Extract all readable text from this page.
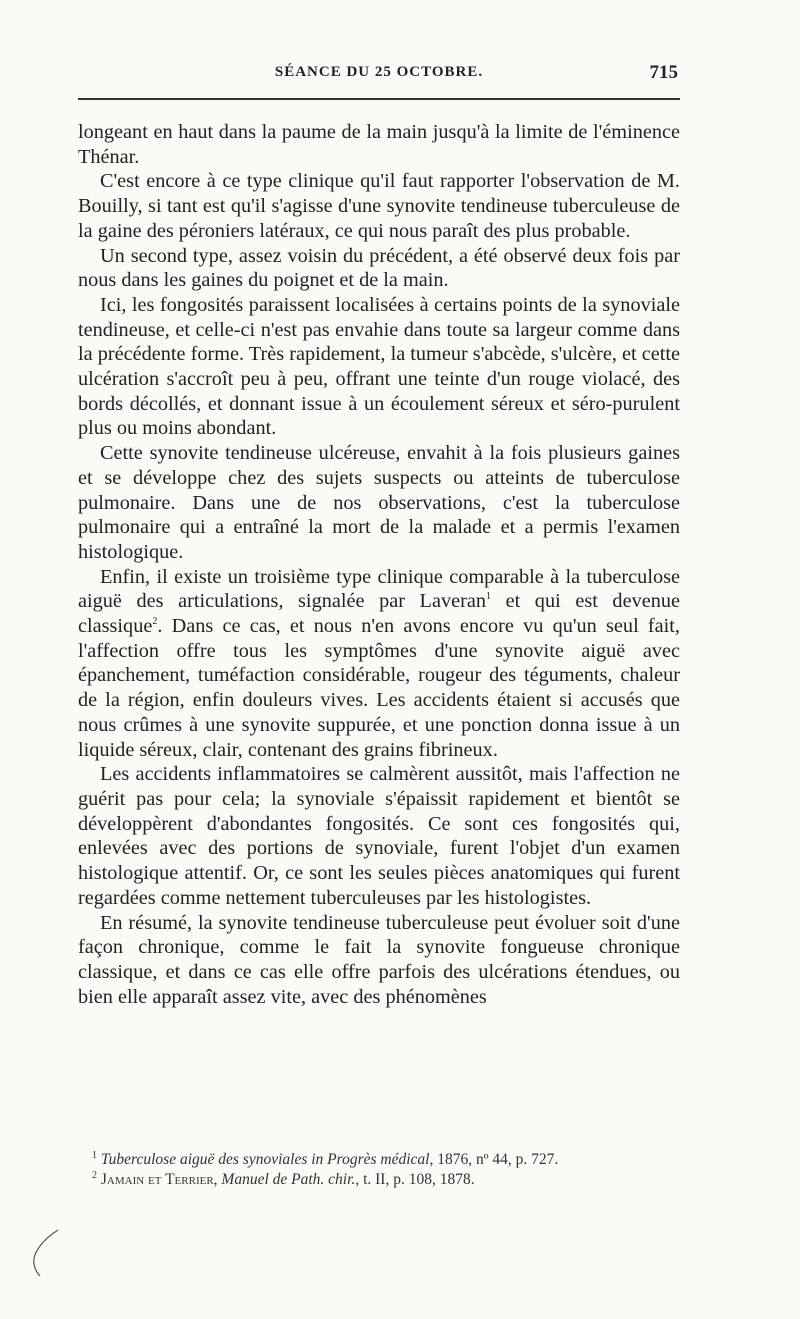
SÉANCE DU 25 OCTOBRE.	715

longeant en haut dans la paume de la main jusqu'à la limite de l'éminence Thénar.

C'est encore à ce type clinique qu'il faut rapporter l'observation de M. Bouilly, si tant est qu'il s'agisse d'une synovite tendineuse tuberculeuse de la gaine des péroniers latéraux, ce qui nous paraît des plus probable.

Un second type, assez voisin du précédent, a été observé deux fois par nous dans les gaines du poignet et de la main.

Ici, les fongosités paraissent localisées à certains points de la synoviale tendineuse, et celle-ci n'est pas envahie dans toute sa largeur comme dans la précédente forme. Très rapidement, la tumeur s'abcède, s'ulcère, et cette ulcération s'accroît peu à peu, offrant une teinte d'un rouge violacé, des bords décollés, et donnant issue à un écoulement séreux et séro-purulent plus ou moins abondant.

Cette synovite tendineuse ulcéreuse, envahit à la fois plusieurs gaines et se développe chez des sujets suspects ou atteints de tuberculose pulmonaire. Dans une de nos observations, c'est la tuberculose pulmonaire qui a entraîné la mort de la malade et a permis l'examen histologique.

Enfin, il existe un troisième type clinique comparable à la tuberculose aiguë des articulations, signalée par Laveran$^1$ et qui est devenue classique$^2$. Dans ce cas, et nous n'en avons encore vu qu'un seul fait, l'affection offre tous les symptômes d'une synovite aiguë avec épanchement, tuméfaction considérable, rougeur des téguments, chaleur de la région, enfin douleurs vives. Les accidents étaient si accusés que nous crûmes à une synovite suppurée, et une ponction donna issue à un liquide séreux, clair, contenant des grains fibrineux.

Les accidents inflammatoires se calmèrent aussitôt, mais l'affection ne guérit pas pour cela; la synoviale s'épaissit rapidement et bientôt se développèrent d'abondantes fongosités. Ce sont ces fongosités qui, enlevées avec des portions de synoviale, furent l'objet d'un examen histologique attentif. Or, ce sont les seules pièces anatomiques qui furent regardées comme nettement tuberculeuses par les histologistes.

En résumé, la synovite tendineuse tuberculeuse peut évoluer soit d'une façon chronique, comme le fait la synovite fongueuse chronique classique, et dans ce cas elle offre parfois des ulcérations étendues, ou bien elle apparaît assez vite, avec des phénomènes

$^1$ Tuberculose aiguë des synoviales in Progrès médical, 1876, nº 44, p. 727.

$^2$ Jamain et Terrier, Manuel de Path. chir., t. II, p. 108, 1878.
